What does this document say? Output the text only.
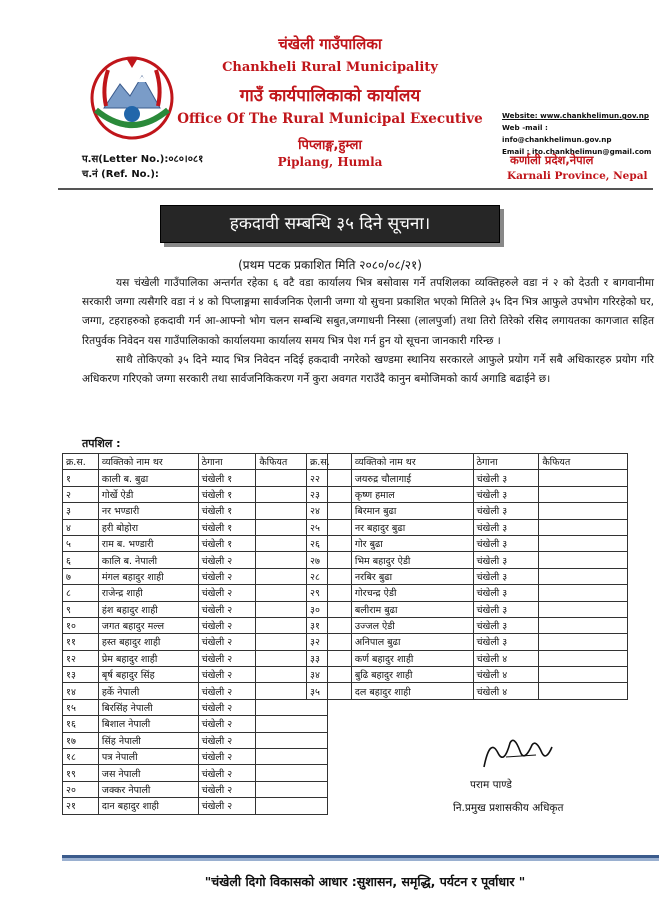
चंखेली गाउँपालिका
Chankheli Rural Municipality
गाउँ कार्यपालिकाको कार्यालय
Office Of The Rural Municipal Executive
पिप्लाङ्ग,हुम्ला
Piplang, Humla
Website: www.chankhelimun.gov.np
Web -mail : info@chankhelimun.gov.np
Email : ito.chankhelimun@gmail.com
कर्णाली प्रदेश,नेपाल
Karnali Province, Nepal
प.स(Letter No.):०८०।०८१
च.नं (Ref. No.):
हकदावी सम्बन्धि ३५ दिने सूचना।
(प्रथम पटक प्रकाशित मिति २०८०/०८/२१)

यस चंखेली गाउँपालिका अन्तर्गत रहेका ६ वटै वडा कार्यालय भित्र बसोवास गर्ने तपशिलका व्यक्तिहरुले वडा नं २ को देउती र बागवानीमा सरकारी जग्गा त्यसैगरि वडा नं ४ को पिप्लाङ्गमा सार्वजनिक ऐलानी जग्गा यो सुचना प्रकाशित भएको मितिले ३५ दिन भित्र आफुले उपभोग गरिरहेको घर, जग्गा, टहराहरुको हकदावी गर्न आ-आफ्नो भोग चलन सम्बन्धि सबुत,जग्गाधनी निस्सा (लालपुर्जा) तथा तिरो तिरेको रसिद लगायतका कागजात सहित रितपुर्वक निवेदन यस गाउँपालिकाको कार्यालयमा कार्यालय समय भित्र पेश गर्न हुन यो सूचना जानकारी गरिन्छ ।

साथै तोकिएको ३५ दिने म्याद भित्र निवेदन नदिई हकदावी नगरेको खण्डमा स्थानिय सरकारले आफुले प्रयोग गर्ने सबै अधिकारहरु प्रयोग गरि अधिकरण गरिएको जग्गा सरकारी तथा सार्वजनिकिकरण गर्ने कुरा अवगत गराउँदै कानुन बमोजिमको कार्य अगाडि बढाईने छ।

तपशिल :
क्र.स.	व्यक्तिको नाम थर	ठेगाना	कैफियत
१	काली ब. बुढा	चंखेली १	
२	गोर्खे ऐडी	चंखेली १	
३	नर भण्डारी	चंखेली १	
४	हरी बोहोरा	चंखेली १	
५	राम ब. भण्डारी	चंखेली १	
६	कालि ब. नेपाली	चंखेली २	
७	मंगल बहादुर शाही	चंखेली २	
८	राजेन्द्र शाही	चंखेली २	
९	हंश बहादुर शाही	चंखेली २	
१०	जगत बहादुर मल्ल	चंखेली २	
११	हस्त बहादुर शाही	चंखेली २	
१२	प्रेम बहादुर शाही	चंखेली २	
१३	बृर्ष बहादुर सिंह	चंखेली २	
१४	हर्के नेपाली	चंखेली २	
१५	बिरसिंह नेपाली	चंखेली २	
१६	बिशाल नेपाली	चंखेली २	
१७	सिंह नेपाली	चंखेली २	
१८	पत्र नेपाली	चंखेली २	
१९	जस नेपाली	चंखेली २	
२०	जक्कर नेपाली	चंखेली २	
२१	दान बहादुर शाही	चंखेली २	
क्र.स.	व्यक्तिको नाम थर	ठेगाना	कैफियत
२२	जयरुद्र चौलागाई	चंखेली ३	
२३	कृष्ण हमाल	चंखेली ३	
२४	बिरमान बुढा	चंखेली ३	
२५	नर बहादुर बुढा	चंखेली ३	
२६	गोर बुढा	चंखेली ३	
२७	भिम बहादुर ऐडी	चंखेली ३	
२८	नरबिर बुढा	चंखेली ३	
२९	गोरचन्द्र ऐडी	चंखेली ३	
३०	बलीराम बुढा	चंखेली ३	
३१	उज्जल ऐडी	चंखेली ३	
३२	अनिपाल बुढा	चंखेली ३	
३३	कर्ण बहादुर शाही	चंखेली ४	
३४	बुढि बहादुर शाही	चंखेली ४	
३५	दल बहादुर शाही	चंखेली ४	
पराम पाण्डे
नि.प्रमुख प्रशासकीय अधिकृत
"चंखेली दिगो विकासको आधार :सुशासन, समृद्धि, पर्यटन र पूर्वाधार "
